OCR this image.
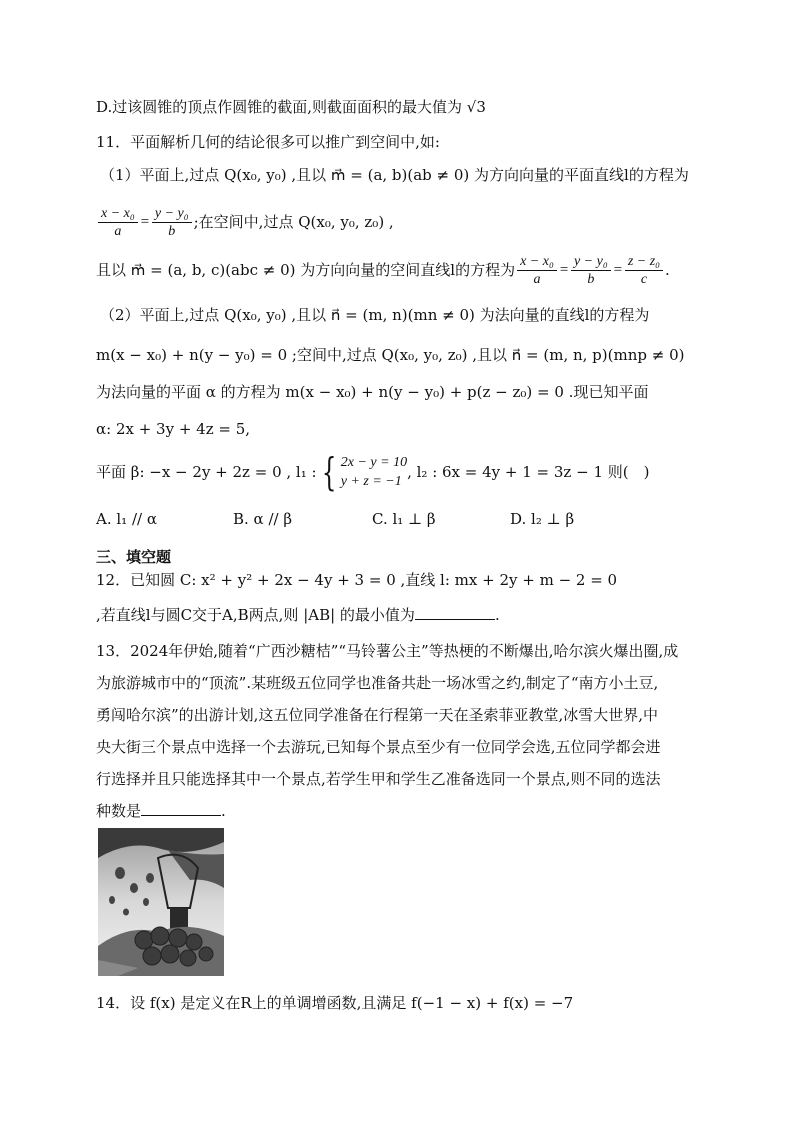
D.过该圆锥的顶点作圆锥的截面,则截面面积的最大值为 √3
11．平面解析几何的结论很多可以推广到空间中,如:
（1）平面上,过点 Q(x₀, y₀) ,且以 m⃗ = (a, b)(ab ≠ 0) 为方向向量的平面直线l的方程为
$\frac{\text{x − x₀}}{a} = \frac{\text{y − y₀}}{b}$ ;在空间中,过点 Q(x₀, y₀, z₀) ,
且以 m⃗ = (a, b, c)(abc ≠ 0) 为方向向量的空间直线l的方程为 $\frac{\text{x − x₀}}{a} = \frac{\text{y − y₀}}{b} = \frac{\text{z − z₀}}{c}$ .
（2）平面上,过点 Q(x₀, y₀) ,且以 n⃗ = (m, n)(mn ≠ 0) 为法向量的直线l的方程为
m(x − x₀) + n(y − y₀) = 0 ;空间中,过点 Q(x₀, y₀, z₀) ,且以 n⃗ = (m, n, p)(mnp ≠ 0)
为法向量的平面 α 的方程为 m(x − x₀) + n(y − y₀) + p(z − z₀) = 0 .现已知平面
α: 2x + 3y + 4z = 5,
平面 β: −x − 2y + 2z = 0 , l₁ : { 2x − y = 10
y + z = −1
, l₂ : 6x = 4y + 1 = 3z − 1 则(　)
A. l₁ // α	B. α // β	C. l₁ ⊥ β	D. l₂ ⊥ β
三、填空题
12．已知圆 C: x² + y² + 2x − 4y + 3 = 0 ,直线 l: mx + 2y + m − 2 = 0
,若直线l与圆C交于A,B两点,则 |AB| 的最小值为	.
13．2024年伊始,随着“广西沙糖桔”“马铃薯公主”等热梗的不断爆出,哈尔滨火爆出圈,成
为旅游城市中的“顶流”.某班级五位同学也准备共赴一场冰雪之约,制定了“南方小土豆,
勇闯哈尔滨”的出游计划,这五位同学准备在行程第一天在圣索菲亚教堂,冰雪大世界,中
央大街三个景点中选择一个去游玩,已知每个景点至少有一位同学会选,五位同学都会进
行选择并且只能选择其中一个景点,若学生甲和学生乙准备选同一个景点,则不同的选法
种数是	.
14．设 f(x) 是定义在R上的单调增函数,且满足 f(−1 − x) + f(x) = −7
